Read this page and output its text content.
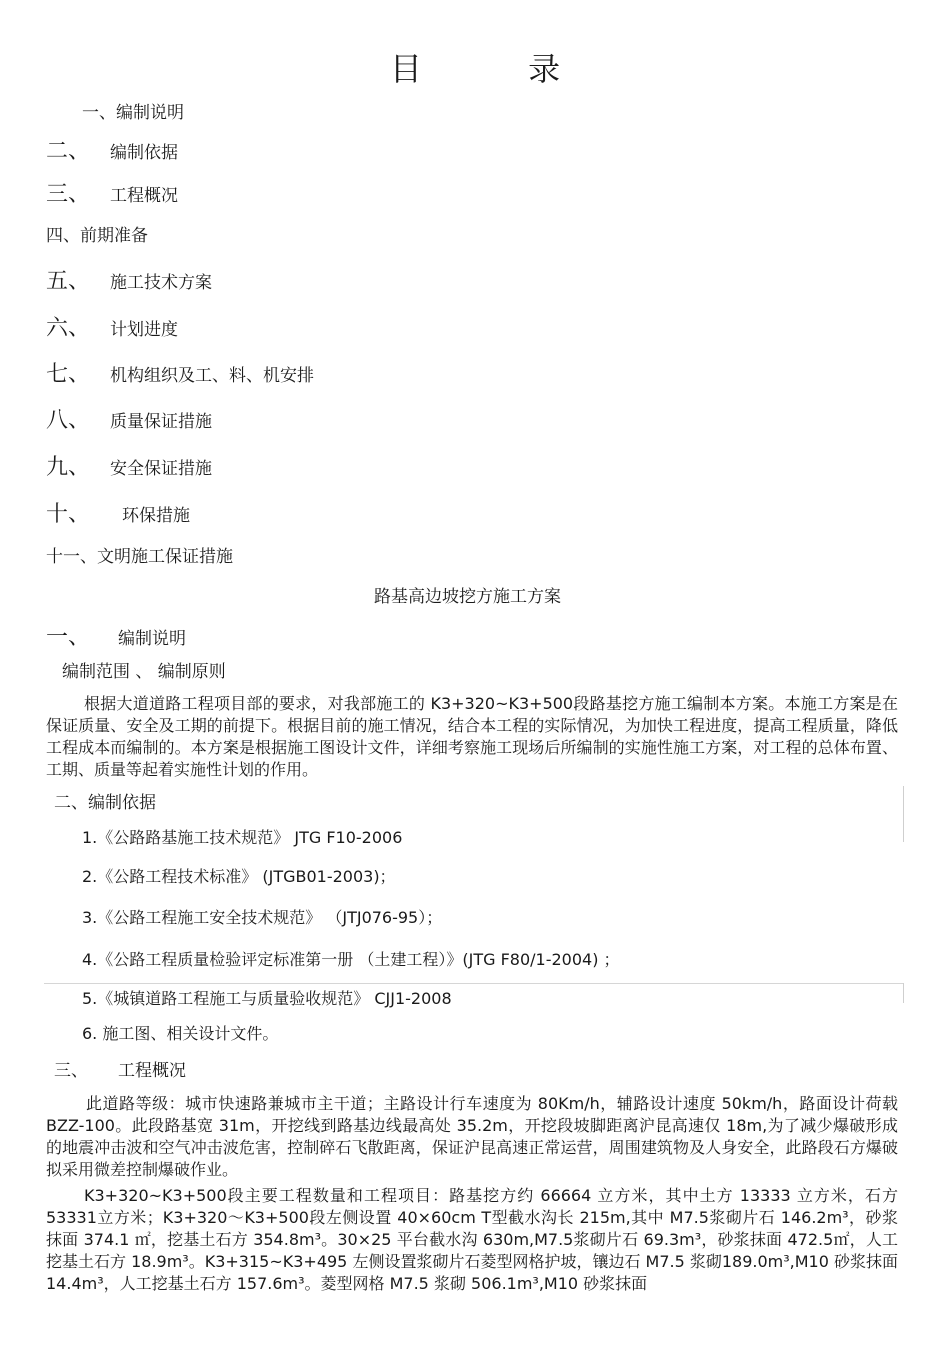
目 录
一、编制说明
二、 编制依据
三、 工程概况
四、前期准备
五、 施工技术方案
六、 计划进度
七、 机构组织及工、料、机安排
八、 质量保证措施
九、 安全保证措施
十、 环保措施
十一、文明施工保证措施
路基高边坡挖方施工方案
一、 编制说明
编制范围 、 编制原则
根据大道道路工程项目部的要求，对我部施工的 K3+320~K3+500段路基挖方施工编制本方案。本施工方案是在保证质量、安全及工期的前提下。根据目前的施工情况，结合本工程的实际情况，为加快工程进度，提高工程质量，降低工程成本而编制的。本方案是根据施工图设计文件，详细考察施工现场后所编制的实施性施工方案，对工程的总体布置、工期、质量等起着实施性计划的作用。
二、编制依据
1.《公路路基施工技术规范》 JTG F10-2006
2.《公路工程技术标准》 (JTGB01-2003)；
3.《公路工程施工安全技术规范》 （JTJ076-95）；
4.《公路工程质量检验评定标准第一册 （土建工程）》(JTG F80/1-2004) ；
5.《城镇道路工程施工与质量验收规范》 CJJ1-2008
6. 施工图、相关设计文件。
三、 工程概况
此道路等级：城市快速路兼城市主干道；主路设计行车速度为 80Km/h，辅路设计速度 50km/h，路面设计荷载 BZZ-100。此段路基宽 31m，开挖线到路基边线最高处 35.2m，开挖段坡脚距离沪昆高速仅 18m,为了减少爆破形成的地震冲击波和空气冲击波危害，控制碎石飞散距离，保证沪昆高速正常运营，周围建筑物及人身安全，此路段石方爆破拟采用微差控制爆破作业。
K3+320~K3+500段主要工程数量和工程项目：路基挖方约 66664 立方米，其中土方 13333 立方米，石方 53331立方米；K3+320～K3+500段左侧设置 40×60cm T型截水沟长 215m,其中 M7.5浆砌片石 146.2m³，砂浆抹面 374.1 ㎡，挖基土石方 354.8m³。30×25 平台截水沟 630m,M7.5浆砌片石 69.3m³，砂浆抹面 472.5㎡，人工挖基土石方 18.9m³。K3+315~K3+495 左侧设置浆砌片石菱型网格护坡，镶边石 M7.5 浆砌189.0m³,M10 砂浆抹面 14.4m³，人工挖基土石方 157.6m³。菱型网格 M7.5 浆砌 506.1m³,M10 砂浆抹面
